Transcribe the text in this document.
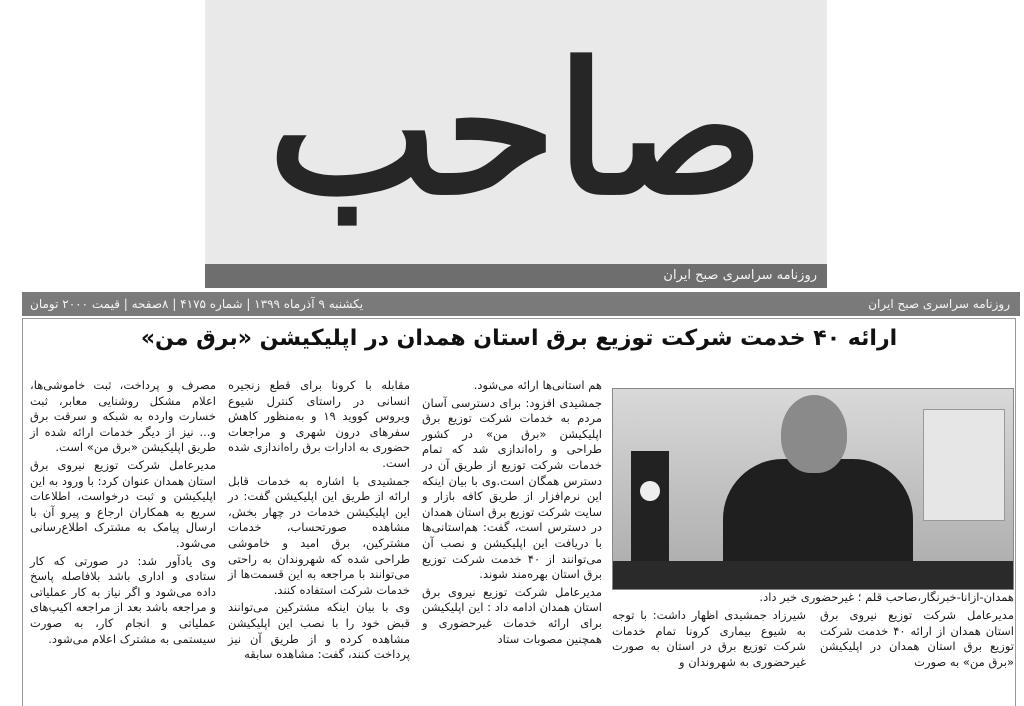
صاحب
روزنامه سراسری صبح ایران
یکشنبه ۹ آذرماه ۱۳۹۹ | شماره ۴۱۷۵ | ۸صفحه | قیمت ۲۰۰۰ تومان	روزنامه سراسری صبح ایران
ارائه ۴۰ خدمت شرکت توزیع برق استان همدان در اپلیکیشن «برق من»

هم استانی‌ها ارائه می‌شود.

جمشیدی افزود: برای دسترسی آسان مردم به خدمات شرکت توزیع برق اپلیکیشن «برق من» در کشور طراحی و راه‌اندازی شد که تمام خدمات شرکت توزیع از طریق آن در دسترس همگان است.وی با بیان اینکه این نرم‌افزار از طریق کافه بازار و سایت شرکت توزیع برق استان همدان در دسترس است، گفت: هم‌استانی‌ها با دریافت این اپلیکیشن و نصب آن می‌توانند از ۴۰ خدمت شرکت توزیع برق استان بهره‌مند شوند.

مدیرعامل شرکت توزیع نیروی برق استان همدان ادامه داد : این اپلیکیشن برای ارائه خدمات غیرحضوری و همچنین مصوبات ستاد

مقابله با کرونا برای قطع زنجیره انسانی در راستای کنترل شیوع ویروس کووید ۱۹ و به‌منظور کاهش سفرهای درون شهری و مراجعات حضوری به ادارات برق راه‌اندازی شده است.

جمشیدی با اشاره به خدمات قابل ارائه از طریق این اپلیکیشن گفت: در این اپلیکیشن خدمات در چهار بخش، مشاهده صورتحساب، خدمات مشترکین، برق امید و خاموشی طراحی شده که شهروندان به راحتی می‌توانند با مراجعه به این قسمت‌ها از خدمات شرکت استفاده کنند.

وی با بیان اینکه مشترکین می‌توانند قبض خود را با نصب این اپلیکیشن مشاهده کرده و از طریق آن نیز پرداخت کنند، گفت: مشاهده سابقه

مصرف و پرداخت، ثبت خاموشی‌ها، اعلام مشکل روشنایی معابر، ثبت خسارت وارده به شبکه و سرقت برق و... نیز از دیگر خدمات ارائه شده از طریق اپلیکیشن «برق من» است.

مدیرعامل شرکت توزیع نیروی برق استان همدان عنوان کرد: با ورود به این اپلیکیشن و ثبت درخواست، اطلاعات سریع به همکاران ارجاع و پیرو آن با ارسال پیامک به مشترک اطلاع‌رسانی می‌شود.

وی یادآور شد: در صورتی که کار ستادی و اداری باشد بلافاصله پاسخ داده می‌شود و اگر نیاز به کار عملیاتی و مراجعه باشد بعد از مراجعه اکیپ‌های عملیاتی و انجام کار، به صورت سیستمی به مشترک اعلام می‌شود.

همدان-ازانا-خبرنگار،صاحب قلم ؛ غیرحضوری خبر داد.
مدیرعامل شرکت توزیع نیروی برق استان همدان از ارائه ۴۰ خدمت شرکت توزیع برق استان همدان در اپلیکیشن «برق من» به صورت
شیرزاد جمشیدی اظهار داشت: با توجه به شیوع بیماری کرونا تمام خدمات شرکت توزیع برق در استان به صورت غیرحضوری به شهروندان و
